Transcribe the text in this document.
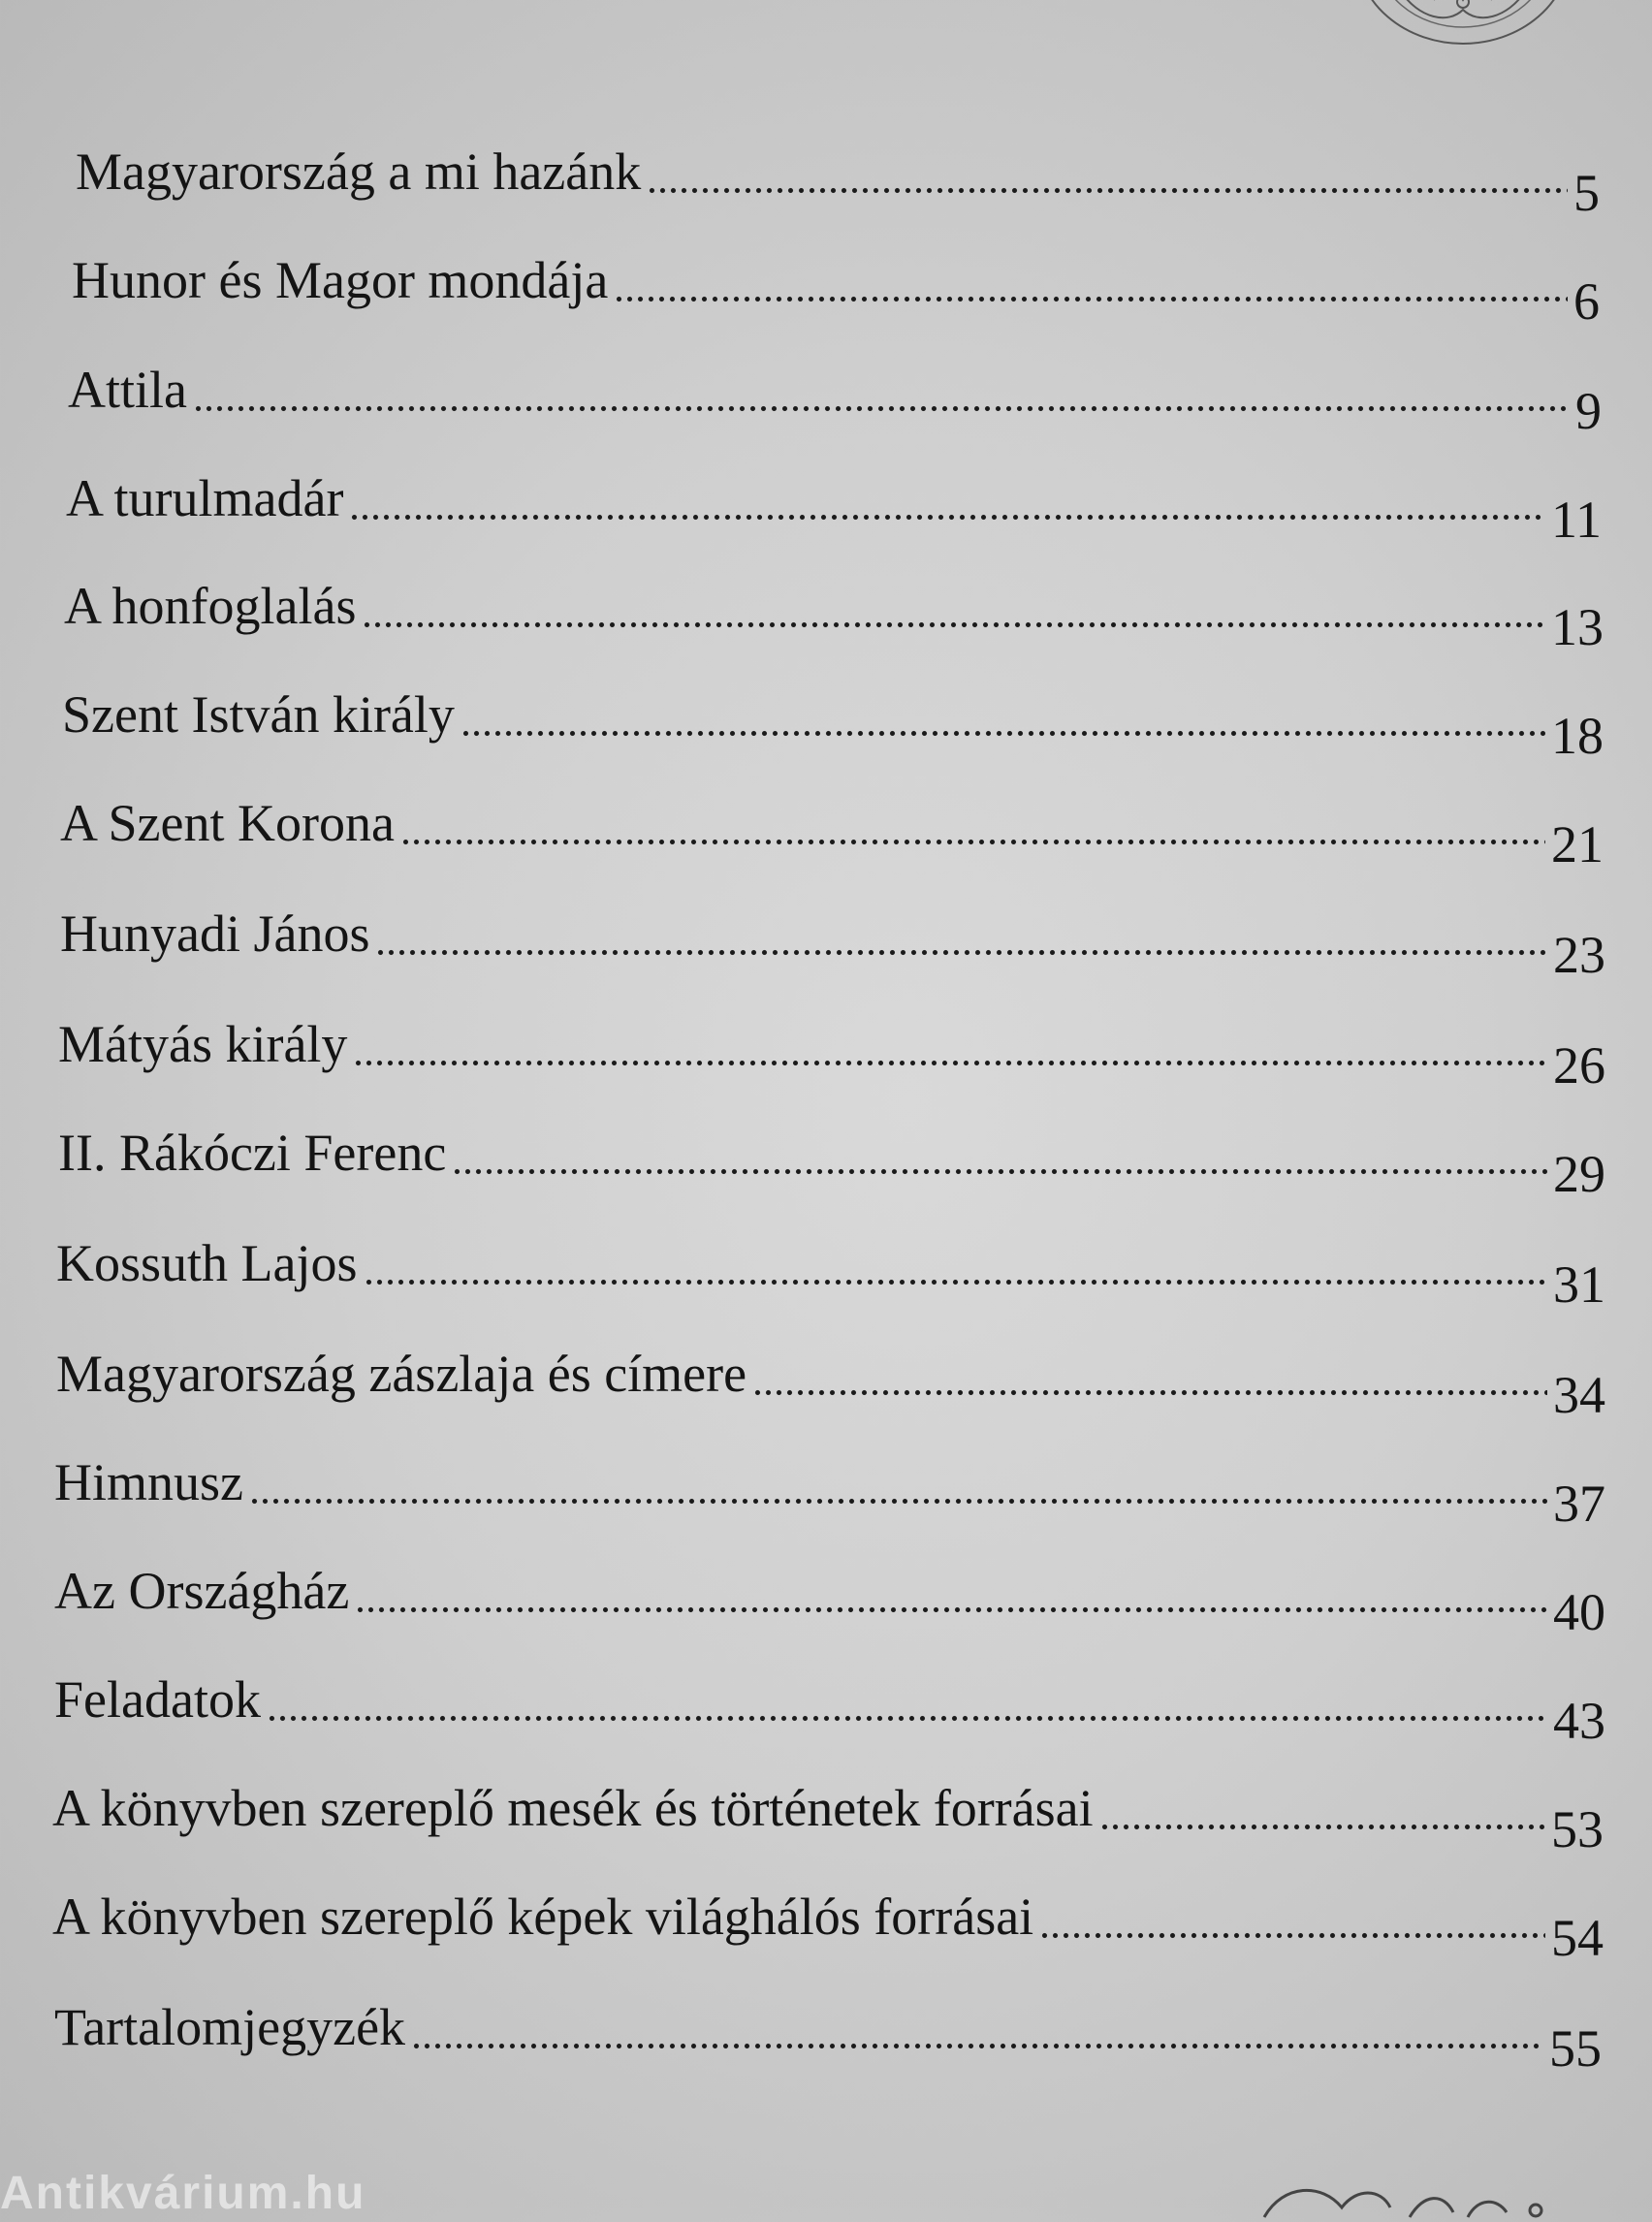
Magyarország a mi hazánk	5
Hunor és Magor mondája	6
Attila	9
A turulmadár	11
A honfoglalás	13
Szent István király	18
A Szent Korona	21
Hunyadi János	23
Mátyás király	26
II. Rákóczi Ferenc	29
Kossuth Lajos	31
Magyarország zászlaja és címere	34
Himnusz	37
Az Országház	40
Feladatok	43
A könyvben szereplő mesék és történetek forrásai	53
A könyvben szereplő képek világhálós forrásai	54
Tartalomjegyzék	55
Antikvárium.hu
